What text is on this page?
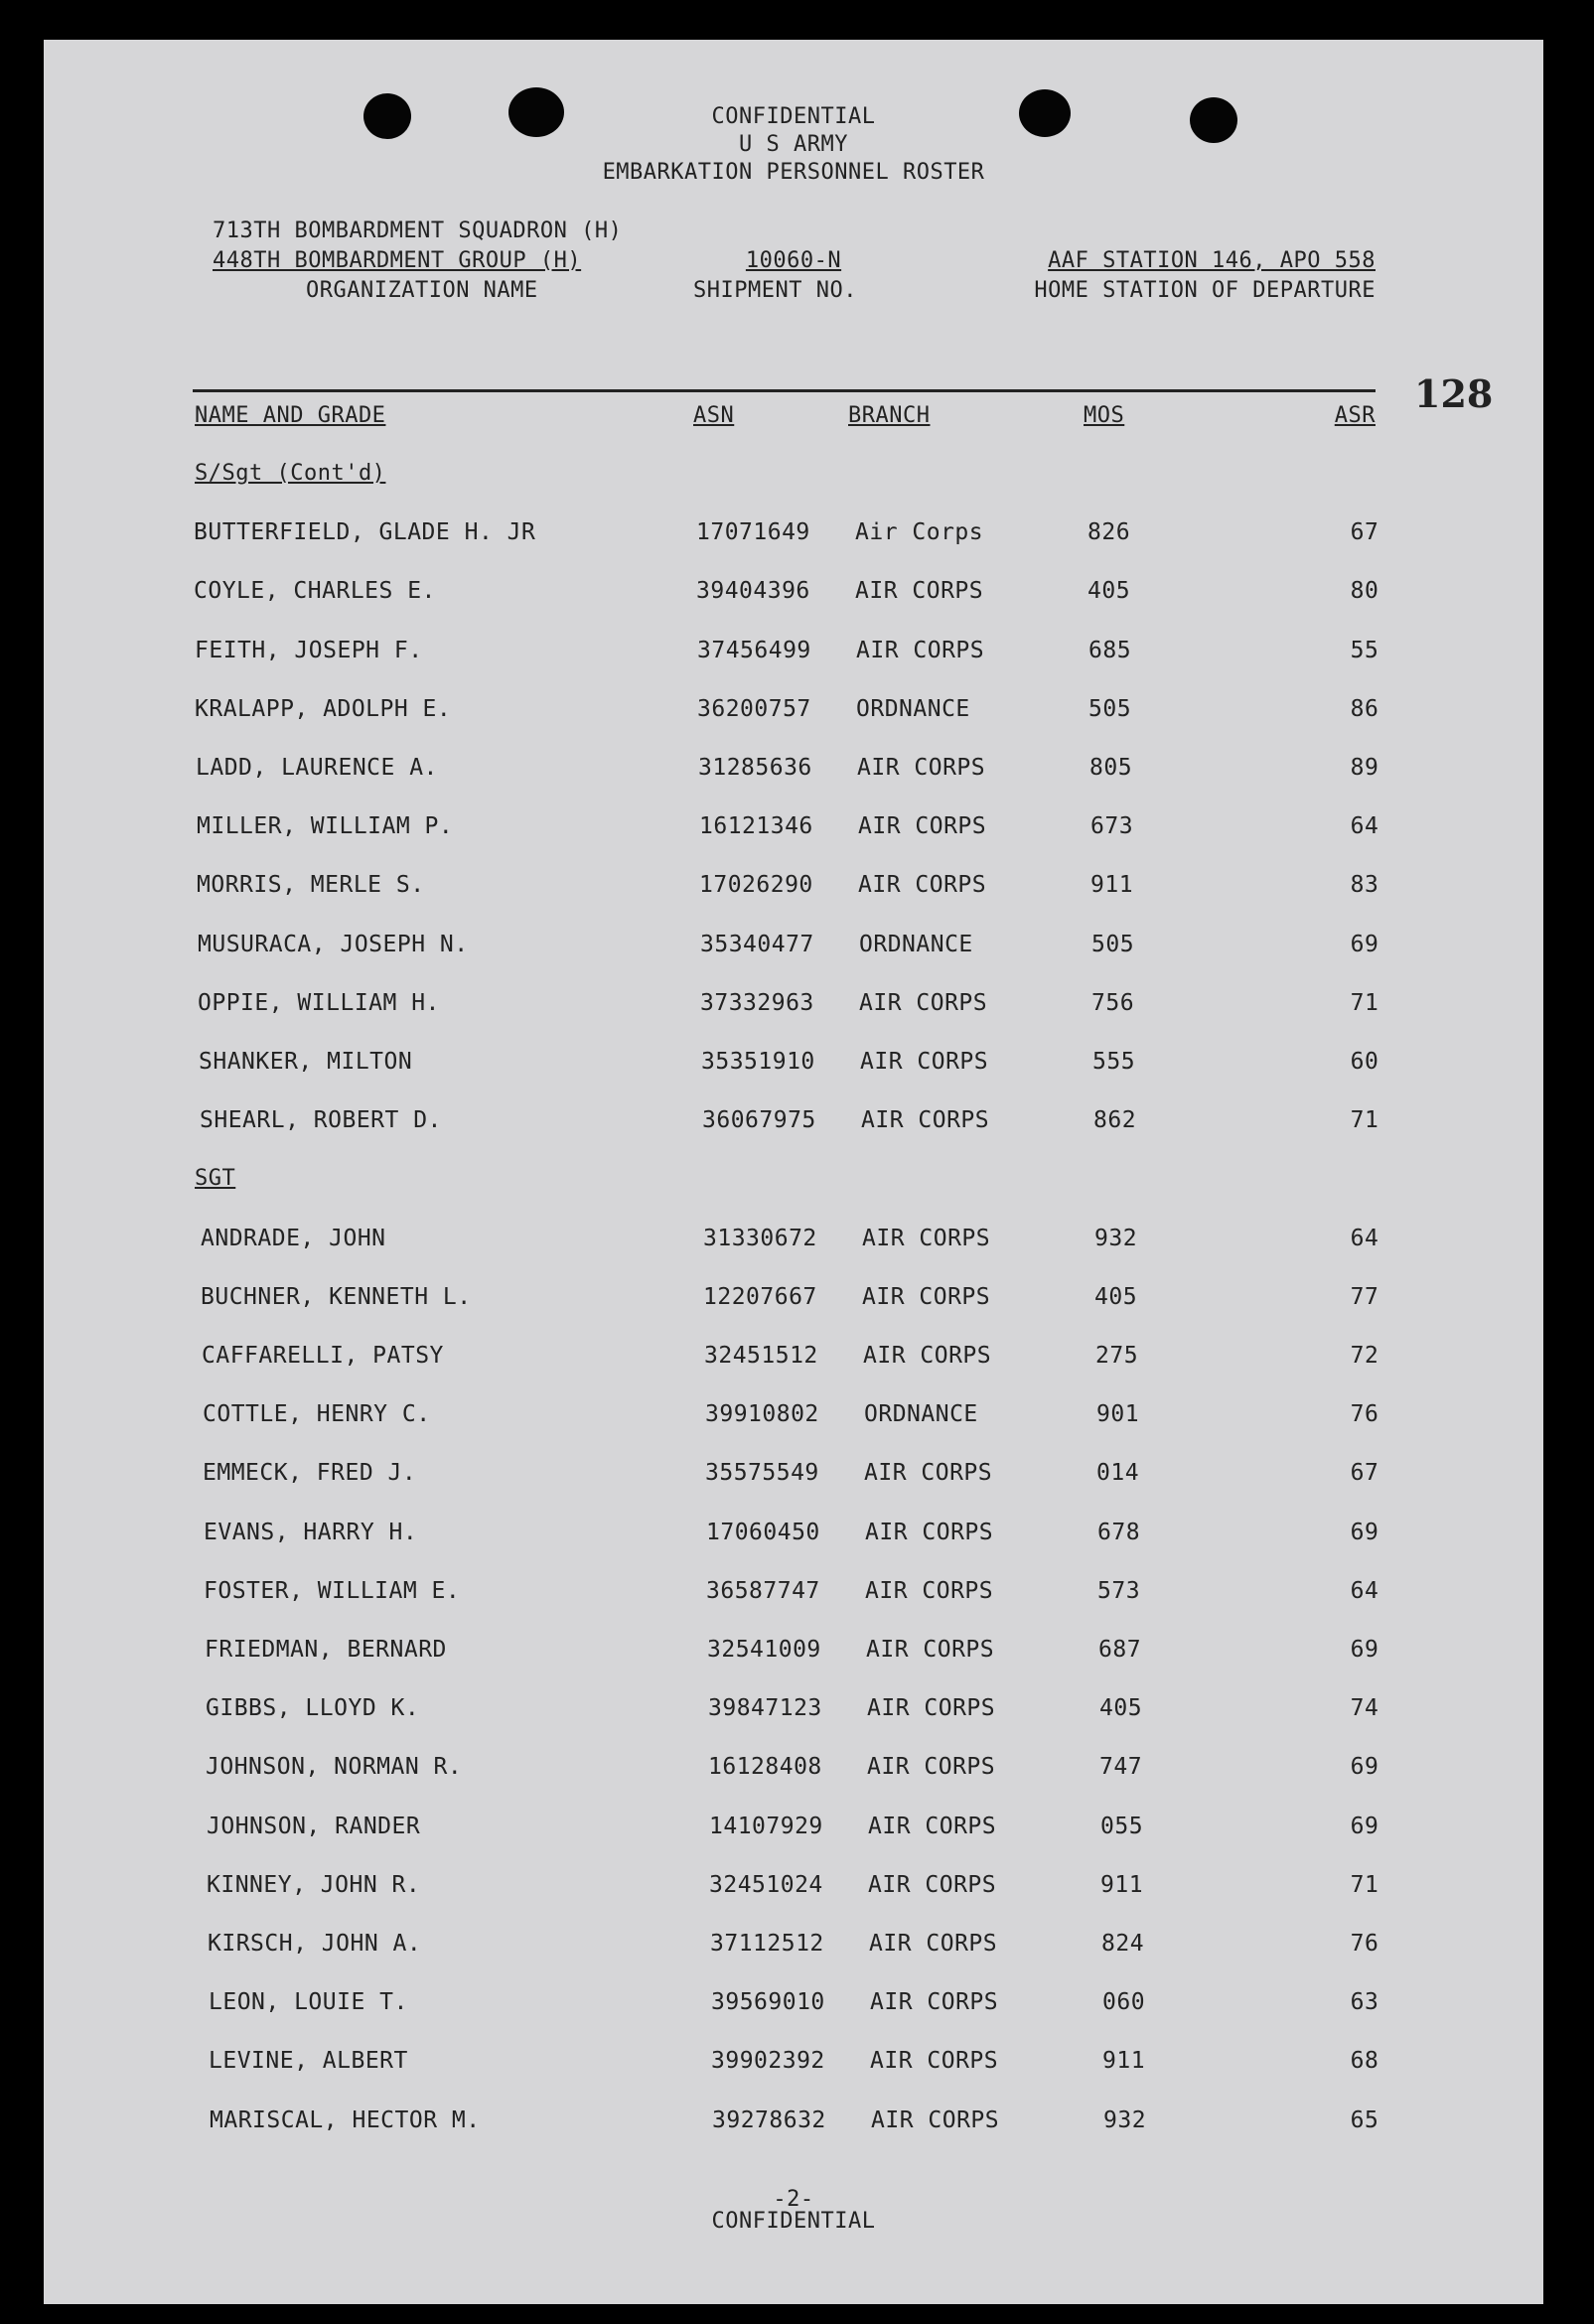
CONFIDENTIAL
U S ARMY
EMBARKATION PERSONNEL ROSTER
713TH BOMBARDMENT SQUADRON (H)
448TH BOMBARDMENT GROUP (H)
ORGANIZATION NAME
10060-N
SHIPMENT NO.
AAF STATION 146, APO 558
HOME STATION OF DEPARTURE
128
NAME AND GRADE	ASN	BRANCH	MOS	ASR
S/Sgt (Cont'd)
BUTTERFIELD, GLADE H. JR	17071649 Air Corps	826	67
COYLE, CHARLES E.	39404396 AIR CORPS	405	80
FEITH, JOSEPH F.	37456499 AIR CORPS	685	55
KRALAPP, ADOLPH E.	36200757 ORDNANCE	505	86
LADD, LAURENCE A.	31285636 AIR CORPS	805	89
MILLER, WILLIAM P.	16121346 AIR CORPS	673	64
MORRIS, MERLE S.	17026290 AIR CORPS	911	83
MUSURACA, JOSEPH N.	35340477 ORDNANCE	505	69
OPPIE, WILLIAM H.	37332963 AIR CORPS	756	71
SHANKER, MILTON	35351910 AIR CORPS	555	60
SHEARL, ROBERT D.	36067975 AIR CORPS	862	71
SGT
ANDRADE, JOHN	31330672 AIR CORPS	932	64
BUCHNER, KENNETH L.	12207667 AIR CORPS	405	77
CAFFARELLI, PATSY	32451512 AIR CORPS	275	72
COTTLE, HENRY C.	39910802 ORDNANCE	901	76
EMMECK, FRED J.	35575549 AIR CORPS	014	67
EVANS, HARRY H.	17060450 AIR CORPS	678	69
FOSTER, WILLIAM E.	36587747 AIR CORPS	573	64
FRIEDMAN, BERNARD	32541009 AIR CORPS	687	69
GIBBS, LLOYD K.	39847123 AIR CORPS	405	74
JOHNSON, NORMAN R.	16128408 AIR CORPS	747	69
JOHNSON, RANDER	14107929 AIR CORPS	055	69
KINNEY, JOHN R.	32451024 AIR CORPS	911	71
KIRSCH, JOHN A.	37112512 AIR CORPS	824	76
LEON, LOUIE T.	39569010 AIR CORPS	060	63
LEVINE, ALBERT	39902392 AIR CORPS	911	68
MARISCAL, HECTOR M.	39278632 AIR CORPS	932	65
-2-
CONFIDENTIAL
